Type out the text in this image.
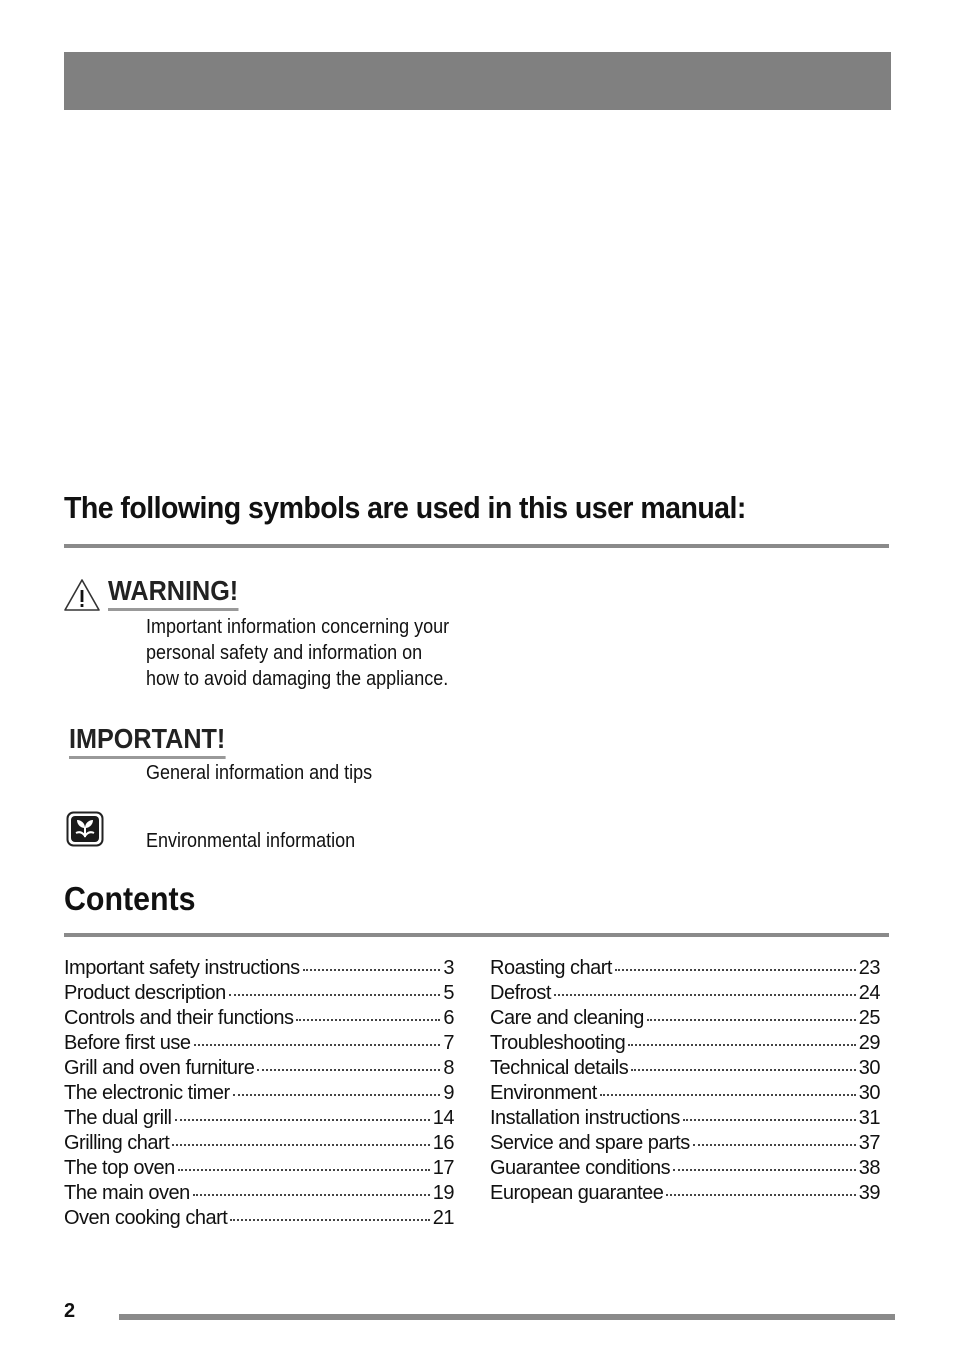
The following symbols are used in this user manual:
WARNING!
Important information concerning your
personal safety and information on
how to avoid damaging the appliance.
IMPORTANT!
General information and tips
Environmental information
Contents
Important safety instructions	3
Product description	5
Controls and their functions	6
Before first use	7
Grill and oven furniture	8
The electronic timer	9
The dual grill	14
Grilling chart	16
The top oven	17
The main oven	19
Oven cooking chart	21
Roasting chart	23
Defrost	24
Care and cleaning	25
Troubleshooting	29
Technical details	30
Environment	30
Installation instructions	31
Service and spare parts	37
Guarantee conditions	38
European guarantee	39
2
